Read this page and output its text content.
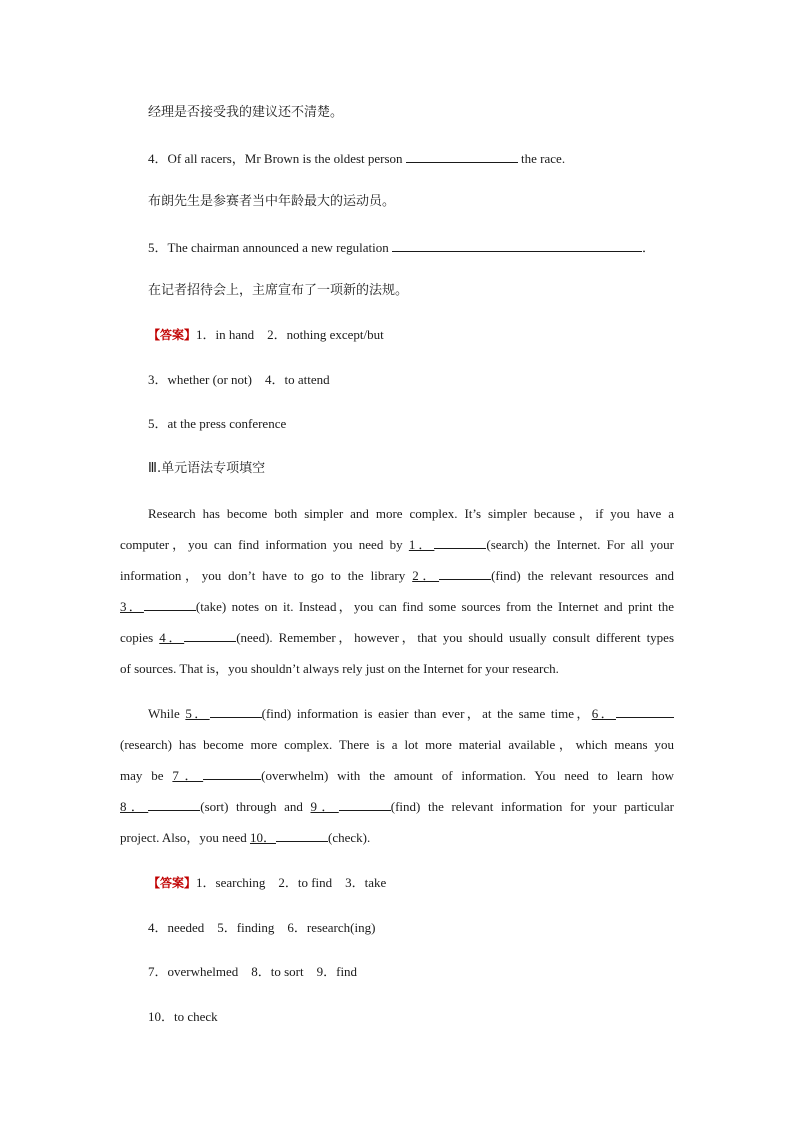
经理是否接受我的建议还不清楚。
4．Of all racers，Mr Brown is the oldest person	the race.
布朗先生是参赛者当中年龄最大的运动员。
5．The chairman announced a new regulation	．
在记者招待会上，主席宣布了一项新的法规。
【答案】1．in hand　2．nothing except/but
3．whether (or not)　4．to attend
5．at the press conference
Ⅲ.单元语法专项填空
Research has become both simpler and more complex. It’s simpler because，if you have a
computer，you can find information you need by 1．	(search) the Internet. For all your
information，you don’t have to go to the library 2．	(find) the relevant resources and
3．	(take) notes on it. Instead，you can find some sources from the Internet and print the
copies 4．	(need). Remember，however，that you should usually consult different types
of sources. That is，you shouldn’t always rely just on the Internet for your research.
While 5．	(find) information is easier than ever，at the same time，6．
(research) has become more complex. There is a lot more material available，which means you
may be 7．	(overwhelm) with the amount of information. You need to learn how
8．	(sort) through and 9．	(find) the relevant information for your particular
project. Also，you need 10．	(check).
【答案】1．searching　2．to find　3．take
4．needed　5．finding　6．research(ing)
7．overwhelmed　8．to sort　9．find
10．to check
